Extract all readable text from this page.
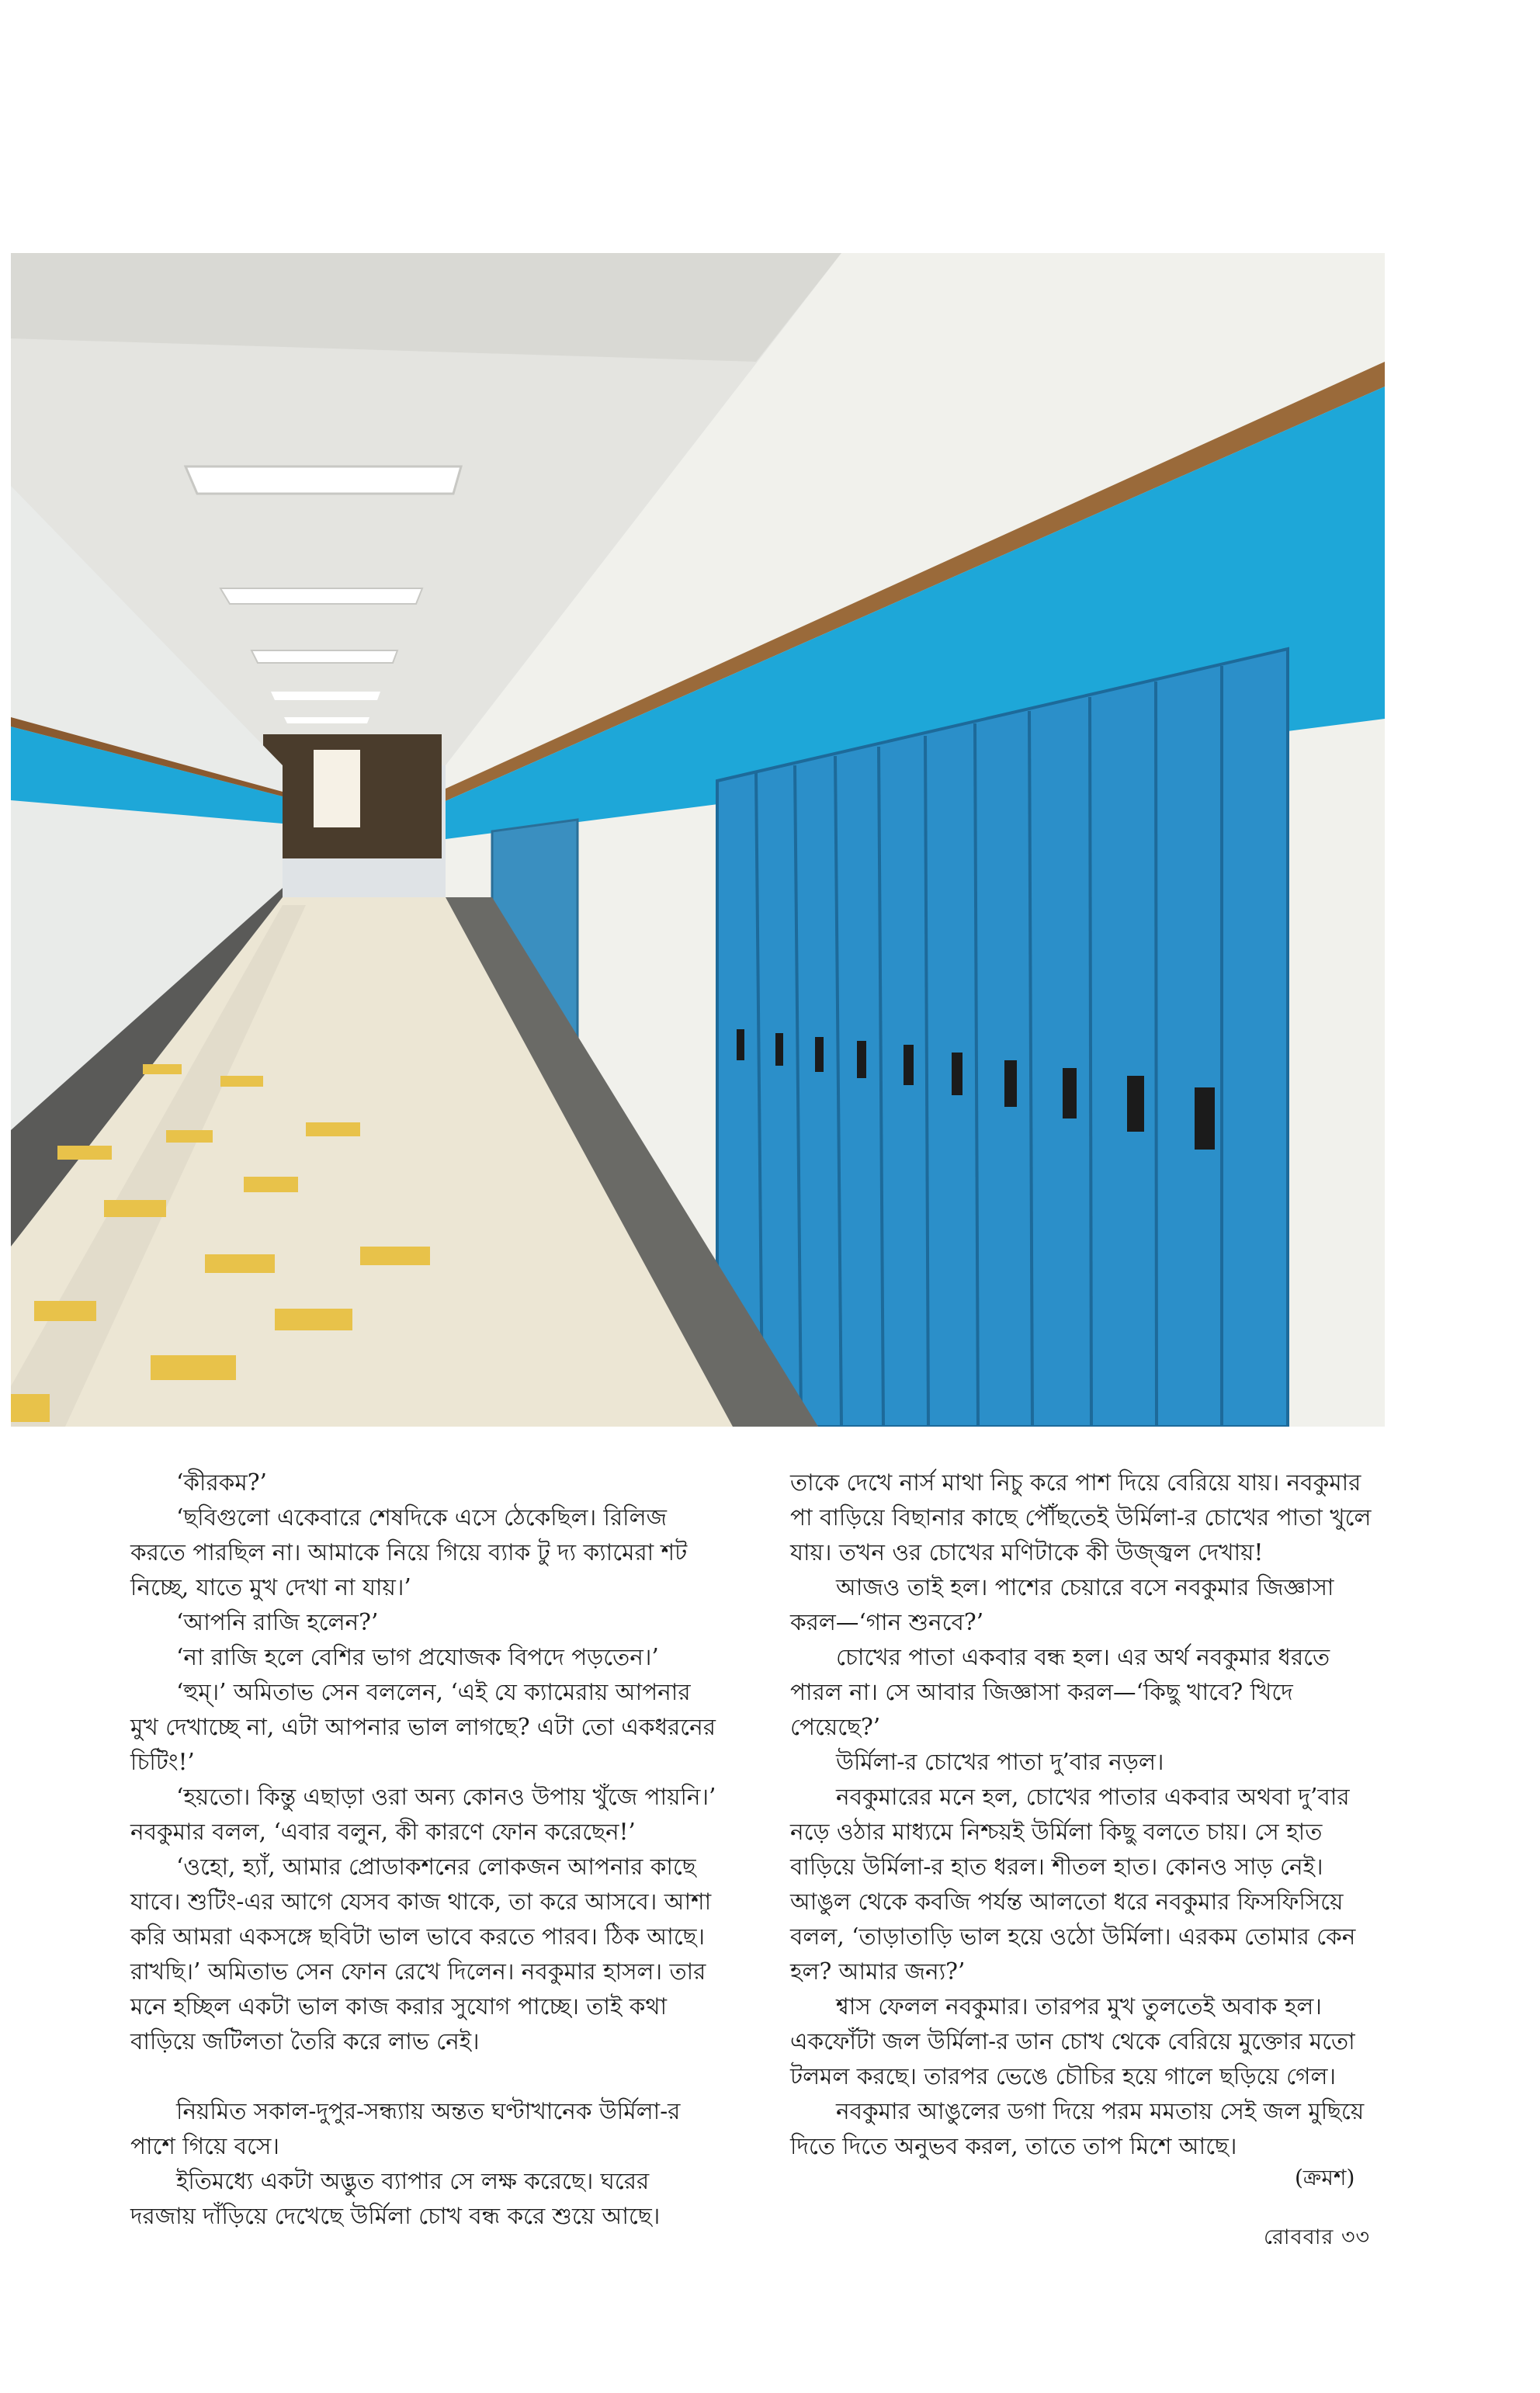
‘কীরকম?’

‘ছবিগুলো একেবারে শেষদিকে এসে ঠেকেছিল। রিলিজ করতে পারছিল না। আমাকে নিয়ে গিয়ে ব্যাক টু দ্য ক্যামেরা শট নিচ্ছে, যাতে মুখ দেখা না যায়।’

‘আপনি রাজি হলেন?’

‘না রাজি হলে বেশির ভাগ প্রযোজক বিপদে পড়তেন।’

‘হুম্।’ অমিতাভ সেন বললেন, ‘এই যে ক্যামেরায় আপনার মুখ দেখাচ্ছে না, এটা আপনার ভাল লাগছে? এটা তো একধরনের চিটিং!’

‘হয়তো। কিন্তু এছাড়া ওরা অন্য কোনও উপায় খুঁজে পায়নি।’ নবকুমার বলল, ‘এবার বলুন, কী কারণে ফোন করেছেন!’

‘ওহো, হ্যাঁ, আমার প্রোডাকশনের লোকজন আপনার কাছে যাবে। শুটিং-এর আগে যেসব কাজ থাকে, তা করে আসবে। আশা করি আমরা একসঙ্গে ছবিটা ভাল ভাবে করতে পারব। ঠিক আছে। রাখছি।’ অমিতাভ সেন ফোন রেখে দিলেন। নবকুমার হাসল। তার মনে হচ্ছিল একটা ভাল কাজ করার সুযোগ পাচ্ছে। তাই কথা বাড়িয়ে জটিলতা তৈরি করে লাভ নেই।

নিয়মিত সকাল-দুপুর-সন্ধ্যায় অন্তত ঘণ্টাখানেক উর্মিলা-র পাশে গিয়ে বসে।

ইতিমধ্যে একটা অদ্ভুত ব্যাপার সে লক্ষ করেছে। ঘরের দরজায় দাঁড়িয়ে দেখেছে উর্মিলা চোখ বন্ধ করে শুয়ে আছে।

তাকে দেখে নার্স মাথা নিচু করে পাশ দিয়ে বেরিয়ে যায়। নবকুমার পা বাড়িয়ে বিছানার কাছে পৌঁছতেই উর্মিলা-র চোখের পাতা খুলে যায়। তখন ওর চোখের মণিটাকে কী উজ্জ্বল দেখায়!

আজও তাই হল। পাশের চেয়ারে বসে নবকুমার জিজ্ঞাসা করল—‘গান শুনবে?’

চোখের পাতা একবার বন্ধ হল। এর অর্থ নবকুমার ধরতে পারল না। সে আবার জিজ্ঞাসা করল—‘কিছু খাবে? খিদে পেয়েছে?’

উর্মিলা-র চোখের পাতা দু’বার নড়ল।

নবকুমারের মনে হল, চোখের পাতার একবার অথবা দু’বার নড়ে ওঠার মাধ্যমে নিশ্চয়ই উর্মিলা কিছু বলতে চায়। সে হাত বাড়িয়ে উর্মিলা-র হাত ধরল। শীতল হাত। কোনও সাড় নেই। আঙুল থেকে কবজি পর্যন্ত আলতো ধরে নবকুমার ফিসফিসিয়ে বলল, ‘তাড়াতাড়ি ভাল হয়ে ওঠো উর্মিলা। এরকম তোমার কেন হল? আমার জন্য?’

শ্বাস ফেলল নবকুমার। তারপর মুখ তুলতেই অবাক হল। একফোঁটা জল উর্মিলা-র ডান চোখ থেকে বেরিয়ে মুক্তোর মতো টলমল করছে। তারপর ভেঙে চৌচির হয়ে গালে ছড়িয়ে গেল।

নবকুমার আঙুলের ডগা দিয়ে পরম মমতায় সেই জল মুছিয়ে দিতে দিতে অনুভব করল, তাতে তাপ মিশে আছে।

(ক্রমশ)
রোববার ৩৩
